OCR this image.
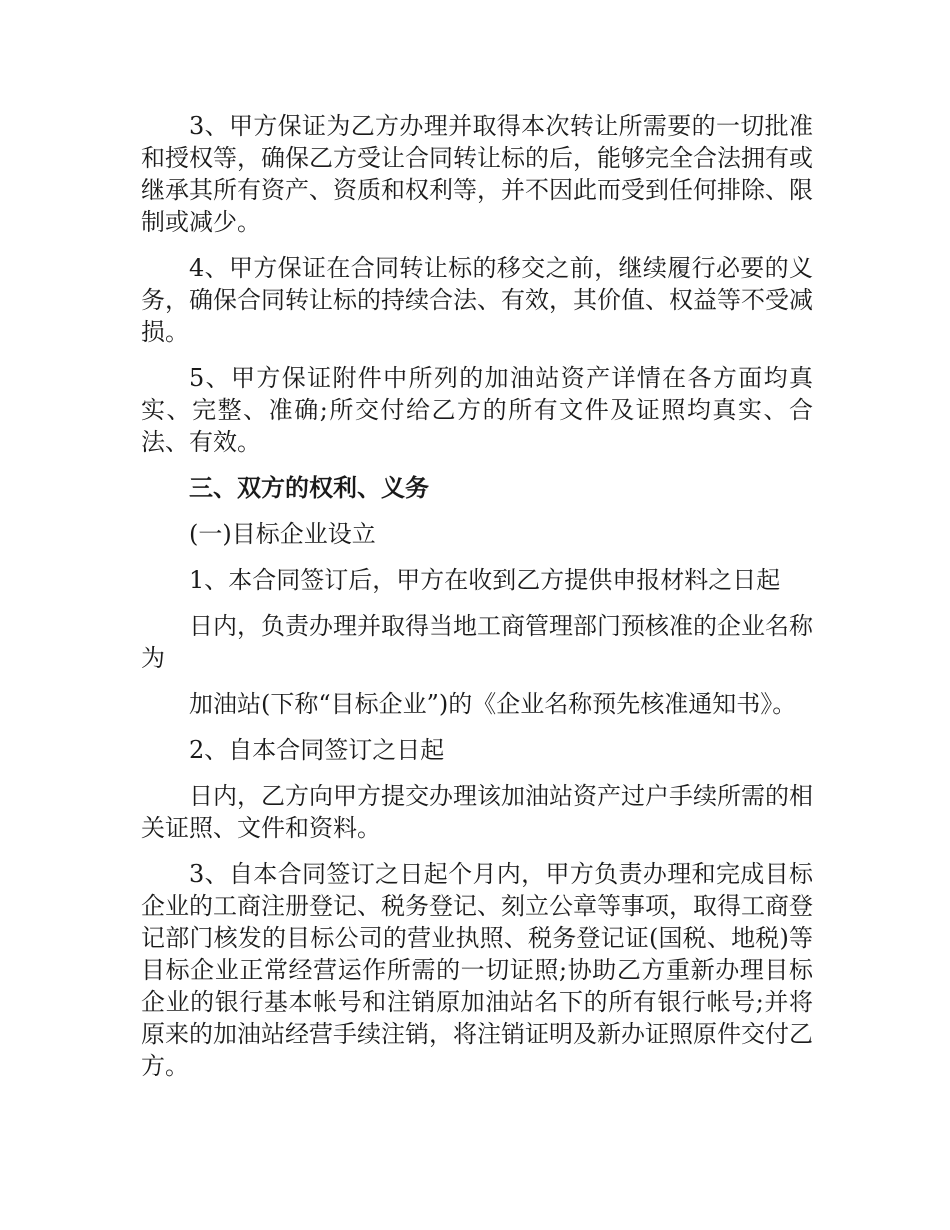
3、甲方保证为乙方办理并取得本次转让所需要的一切批准和授权等，确保乙方受让合同转让标的后，能够完全合法拥有或继承其所有资产、资质和权利等，并不因此而受到任何排除、限制或减少。

4、甲方保证在合同转让标的移交之前，继续履行必要的义务，确保合同转让标的持续合法、有效，其价值、权益等不受减损。

5、甲方保证附件中所列的加油站资产详情在各方面均真实、完整、准确;所交付给乙方的所有文件及证照均真实、合法、有效。

三、双方的权利、义务

(一)目标企业设立

1、本合同签订后，甲方在收到乙方提供申报材料之日起

日内，负责办理并取得当地工商管理部门预核准的企业名称为

加油站(下称“目标企业”)的《企业名称预先核准通知书》。

2、自本合同签订之日起

日内，乙方向甲方提交办理该加油站资产过户手续所需的相关证照、文件和资料。

3、自本合同签订之日起个月内，甲方负责办理和完成目标企业的工商注册登记、税务登记、刻立公章等事项，取得工商登记部门核发的目标公司的营业执照、税务登记证(国税、地税)等目标企业正常经营运作所需的一切证照;协助乙方重新办理目标企业的银行基本帐号和注销原加油站名下的所有银行帐号;并将原来的加油站经营手续注销，将注销证明及新办证照原件交付乙方。
